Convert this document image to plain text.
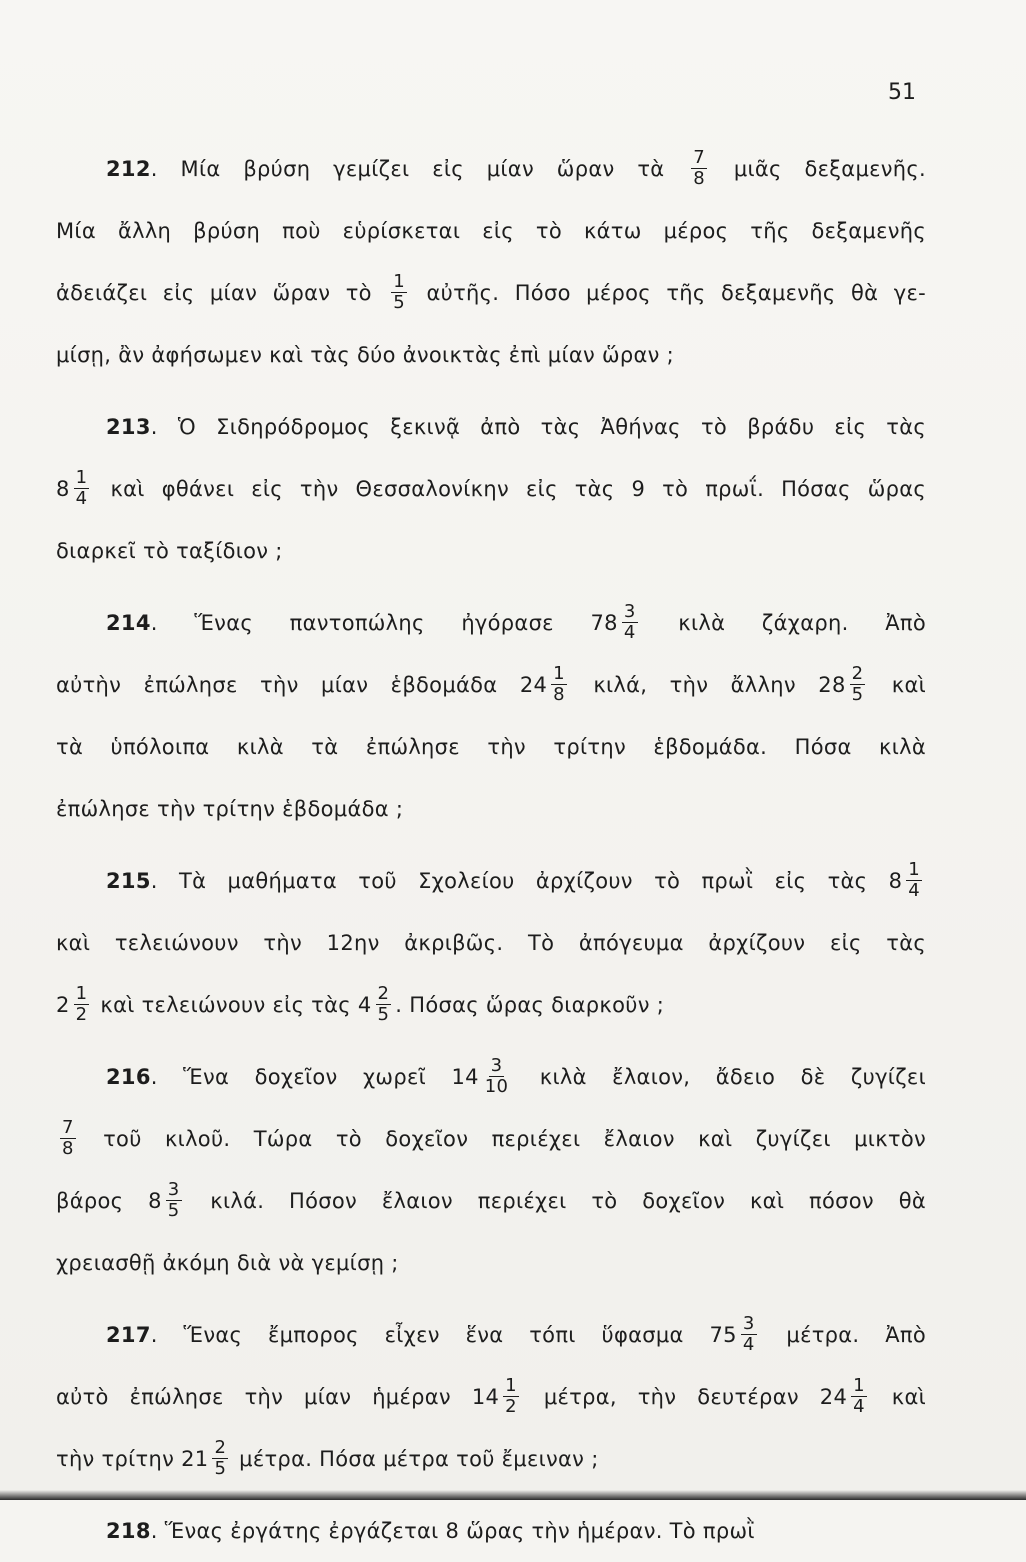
51
212. Μία βρύση γεμίζει εἰς μίαν ὥραν τὰ $\frac{7}{8}$ μιᾶς δεξαμενῆς.
Μία ἄλλη βρύση ποὺ εὑρίσκεται εἰς τὸ κάτω μέρος τῆς δεξαμενῆς
ἀδειάζει εἰς μίαν ὥραν τὸ $\frac{1}{5}$ αὐτῆς. Πόσο μέρος τῆς δεξαμενῆς θὰ γε-
μίσῃ, ἂν ἀφήσωμεν καὶ τὰς δύο ἀνοικτὰς ἐπὶ μίαν ὥραν ;
213. Ὁ Σιδηρόδρομος ξεκινᾷ ἀπὸ τὰς Ἀθήνας τὸ βράδυ εἰς τὰς
$8 \frac{1}{4}$ καὶ φθάνει εἰς τὴν Θεσσαλονίκην εἰς τὰς 9 τὸ πρωΐ. Πόσας ὥρας
διαρκεῖ τὸ ταξίδιον ;
214. Ἕνας παντοπώλης ἠγόρασε $78 \frac{3}{4}$ κιλὰ ζάχαρη. Ἀπὸ
αὐτὴν ἐπώλησε τὴν μίαν ἑβδομάδα $24 \frac{1}{8} \kappa\iota\lambda ά$, τὴν ἄλλην $28 \frac{2}{5}$ καὶ
τὰ ὑπόλοιπα κιλὰ τὰ ἐπώλησε τὴν τρίτην ἑβδομάδα. Πόσα κιλὰ
ἐπώλησε τὴν τρίτην ἑβδομάδα ;
215. Τὰ μαθήματα τοῦ Σχολείου ἀρχίζουν τὸ πρωῒ εἰς τὰς $8 \frac{1}{4}$
καὶ τελειώνουν τὴν 12ην ἀκριβῶς. Τὸ ἀπόγευμα ἀρχίζουν εἰς τὰς
$2 \frac{1}{2}$ καὶ τελειώνουν εἰς τὰς $4 \frac{2}{5}$ . Πόσας ὥρας διαρκοῦν ;
216. Ἕνα δοχεῖον χωρεῖ $14 \frac{3}{10}$ κιλὰ ἔλαιον, ἄδειο δὲ ζυγίζει
$\frac{7}{8}$ τοῦ κιλοῦ. Τώρα τὸ δοχεῖον περιέχει ἔλαιον καὶ ζυγίζει μικτὸν
βάρος $8 \frac{3}{5} \kappa\iota\lambda ά$. Πόσον ἔλαιον περιέχει τὸ δοχεῖον καὶ πόσον θὰ
χρειασθῇ ἀκόμη διὰ νὰ γεμίσῃ ;
217. Ἕνας ἔμπορος εἶχεν ἕνα τόπι ὕφασμα $75 \frac{3}{4} \mu έ\tau\rho\alpha$. Ἀπὸ
αὐτὸ ἐπώλησε τὴν μίαν ἡμέραν $14 \frac{1}{2} \mu έ\tau\rho\alpha$, τὴν δευτέραν $24 \frac{1}{4}$ καὶ
τὴν τρίτην $21 \frac{2}{5} \mu έ\tau\rho\alpha$. Πόσα μέτρα τοῦ ἔμειναν ;
218. Ἕνας ἐργάτης ἐργάζεται 8 ὥρας τὴν ἡμέραν. Τὸ πρωῒ
